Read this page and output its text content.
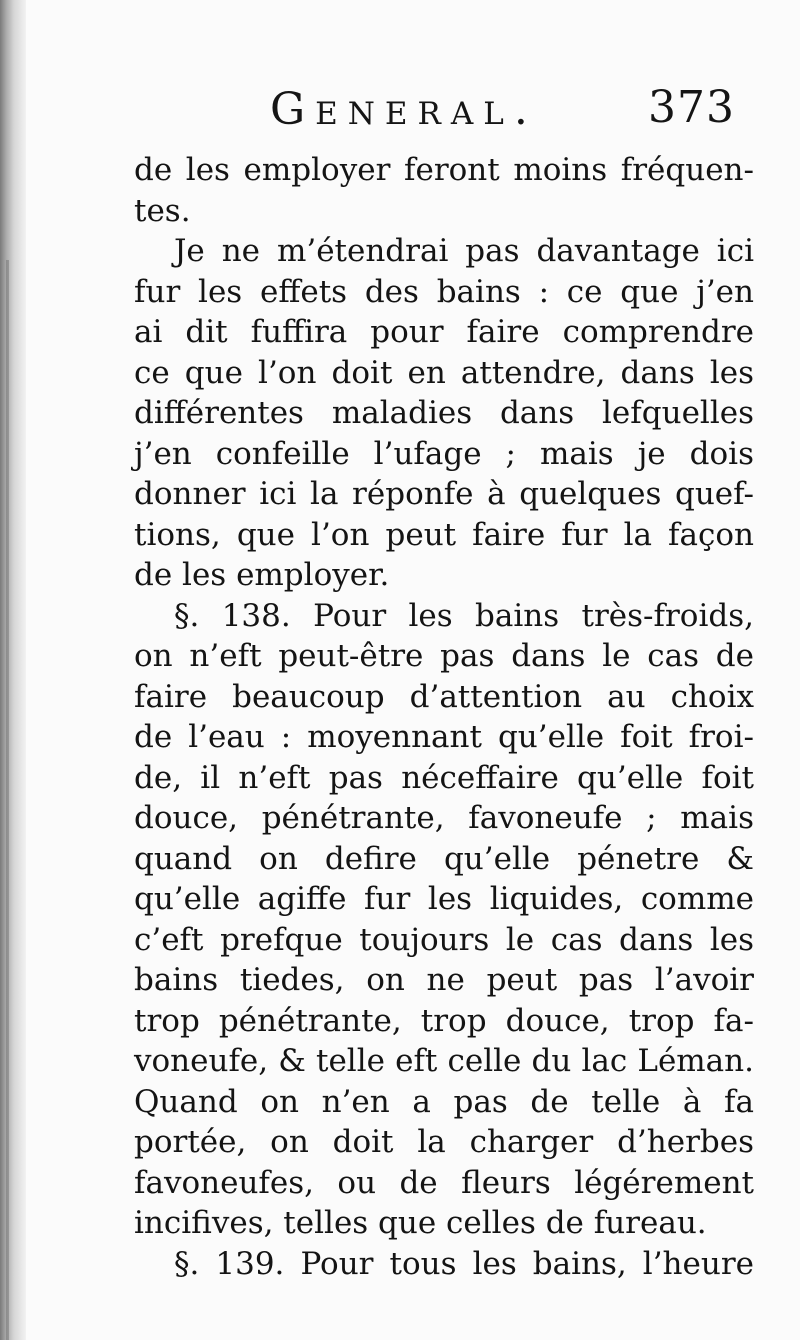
General.	373
de les employer feront moins fréquen-
tes.
Je ne m’étendrai pas davantage ici
fur les effets des bains : ce que j’en
ai dit fuffira pour faire comprendre
ce que l’on doit en attendre, dans les
différentes maladies dans lefquelles
j’en confeille l’ufage ; mais je dois
donner ici la réponfe à quelques quef-
tions, que l’on peut faire fur la façon
de les employer.
§. 138. Pour les bains très-froids,
on n’eft peut-être pas dans le cas de
faire beaucoup d’attention au choix
de l’eau : moyennant qu’elle foit froi-
de, il n’eft pas néceffaire qu’elle foit
douce, pénétrante, favoneufe ; mais
quand on defire qu’elle pénetre &
qu’elle agiffe fur les liquides, comme
c’eft prefque toujours le cas dans les
bains tiedes, on ne peut pas l’avoir
trop pénétrante, trop douce, trop fa-
voneufe, & telle eft celle du lac Léman.
Quand on n’en a pas de telle à fa
portée, on doit la charger d’herbes
favoneufes, ou de fleurs légérement
incifives, telles que celles de fureau.
§. 139. Pour tous les bains, l’heure
